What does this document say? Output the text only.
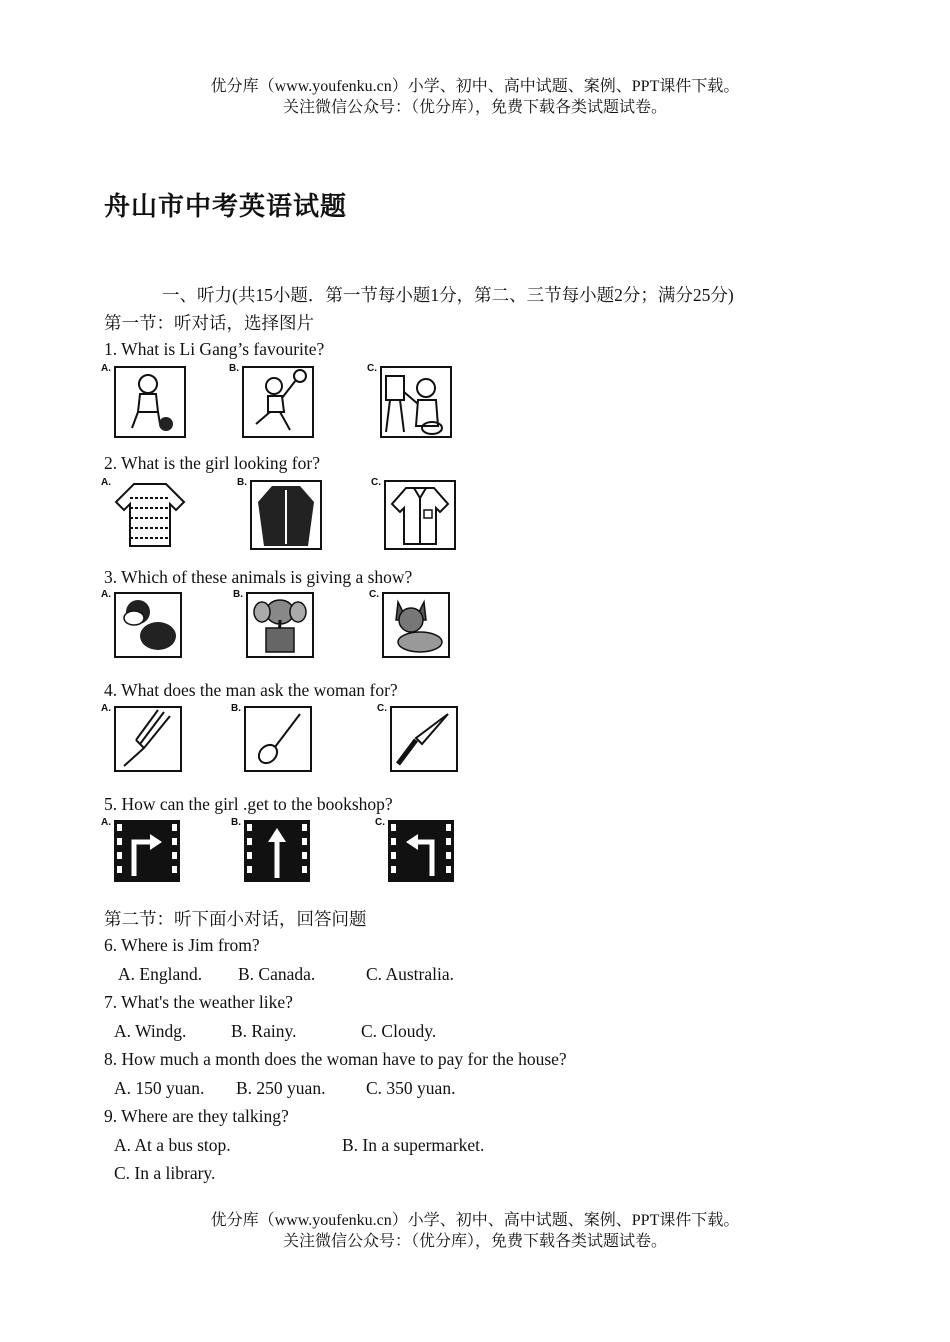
优分库（www.youfenku.cn）小学、初中、高中试题、案例、PPT课件下载。
关注微信公众号：（优分库），免费下载各类试题试卷。
舟山市中考英语试题
一、听力(共15小题．第一节每小题1分，第二、三节每小题2分；满分25分)
第一节：听对话，选择图片
1. What is Li Gang’s favourite?
A.	B.	C.
2. What is the girl looking for?
A.	B.	C.
3. Which of these animals is giving a show?
A.	B.	C.
4. What does the man ask the woman for?
A.	B.	C.
5. How can the girl .get to the bookshop?
A.	B.	C.
第二节：听下面小对话，回答问题
6. Where is Jim from?
A. England. B. Canada.	C. Australia.
7. What's the weather like?
A. Windg.	B. Rainy.	C. Cloudy.
8. How much a month does the woman have to pay for the house?
A. 150 yuan. B. 250 yuan. C. 350 yuan.
9. Where are they talking?
A. At a bus stop.	B. In a supermarket.
C. In a library.
优分库（www.youfenku.cn）小学、初中、高中试题、案例、PPT课件下载。
关注微信公众号：（优分库），免费下载各类试题试卷。
